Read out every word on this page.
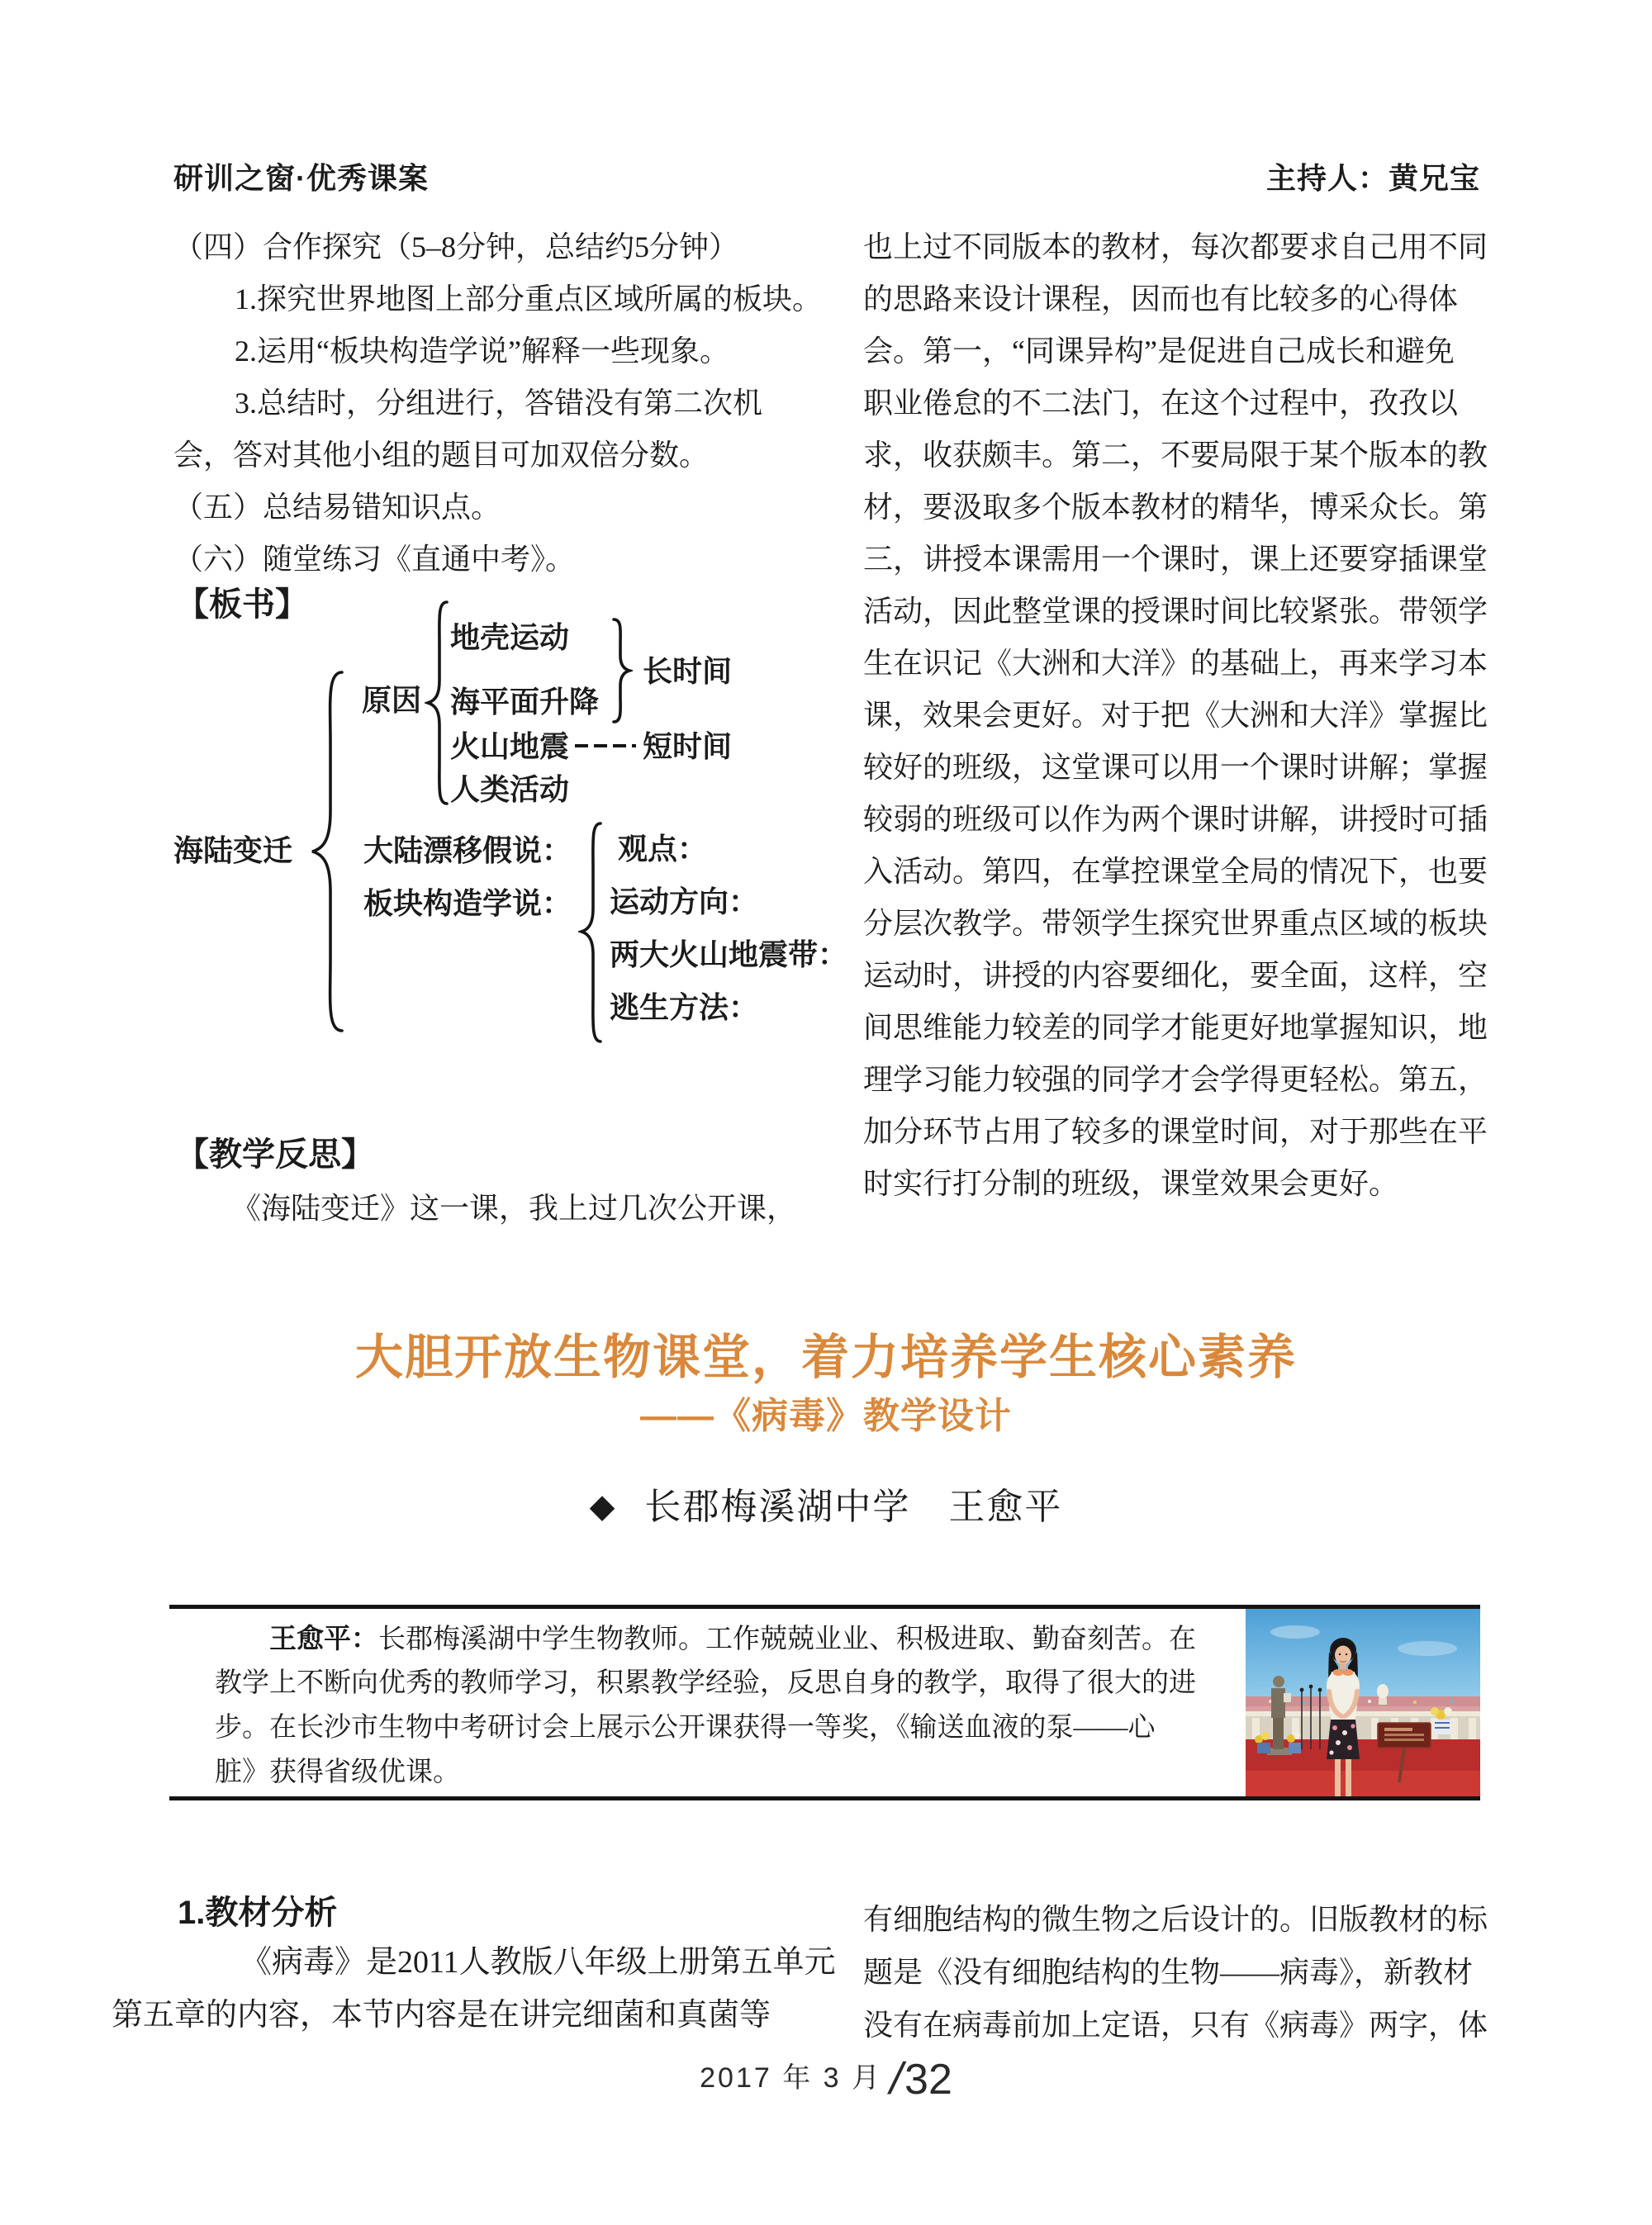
研训之窗·优秀课案	主持人：黄兄宝
（四）合作探究（5–8分钟，总结约5分钟）
1.探究世界地图上部分重点区域所属的板块。
2.运用“板块构造学说”解释一些现象。
3.总结时，分组进行，答错没有第二次机
会，答对其他小组的题目可加双倍分数。
（五）总结易错知识点。
（六）随堂练习《直通中考》。
【板书】
地壳运动
海平面升降
火山地震
人类活动
长时间
短时间
原因
海陆变迁 大陆漂移假说：
板块构造学说：
观点：
运动方向：
两大火山地震带：
逃生方法：
【教学反思】
《海陆变迁》这一课，我上过几次公开课，
也上过不同版本的教材，每次都要求自己用不同
的思路来设计课程，因而也有比较多的心得体
会。第一，“同课异构”是促进自己成长和避免
职业倦怠的不二法门，在这个过程中，孜孜以
求，收获颇丰。第二，不要局限于某个版本的教
材，要汲取多个版本教材的精华，博采众长。第
三，讲授本课需用一个课时，课上还要穿插课堂
活动，因此整堂课的授课时间比较紧张。带领学
生在识记《大洲和大洋》的基础上，再来学习本
课，效果会更好。对于把《大洲和大洋》掌握比
较好的班级，这堂课可以用一个课时讲解；掌握
较弱的班级可以作为两个课时讲解，讲授时可插
入活动。第四，在掌控课堂全局的情况下，也要
分层次教学。带领学生探究世界重点区域的板块
运动时，讲授的内容要细化，要全面，这样，空
间思维能力较差的同学才能更好地掌握知识，地
理学习能力较强的同学才会学得更轻松。第五，
加分环节占用了较多的课堂时间，对于那些在平
时实行打分制的班级，课堂效果会更好。
大胆开放生物课堂，着力培养学生核心素养
——《病毒》教学设计
◆ 长郡梅溪湖中学　王愈平
王愈平：长郡梅溪湖中学生物教师。工作兢兢业业、积极进取、勤奋刻苦。在
教学上不断向优秀的教师学习，积累教学经验，反思自身的教学，取得了很大的进
步。在长沙市生物中考研讨会上展示公开课获得一等奖，《输送血液的泵——心
脏》获得省级优课。
1.教材分析
《病毒》是2011人教版八年级上册第五单元
第五章的内容，本节内容是在讲完细菌和真菌等
有细胞结构的微生物之后设计的。旧版教材的标
题是《没有细胞结构的生物——病毒》，新教材
没有在病毒前加上定语，只有《病毒》两字，体
2017 年 3 月/32
